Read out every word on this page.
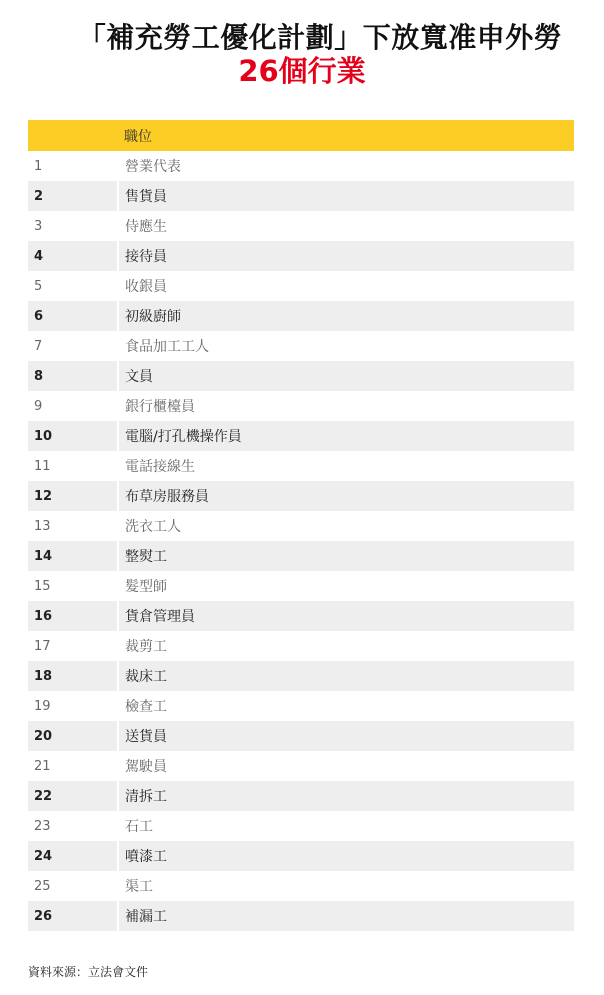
「補充勞工優化計劃」下放寬准申外勞
26個行業
	職位
1	營業代表
2	售貨員
3	侍應生
4	接待員
5	收銀員
6	初級廚師
7	食品加工工人
8	文員
9	銀行櫃檯員
10	電腦/打孔機操作員
11	電話接線生
12	布草房服務員
13	洗衣工人
14	整熨工
15	髮型師
16	貨倉管理員
17	裁剪工
18	裁床工
19	檢查工
20	送貨員
21	駕駛員
22	清拆工
23	石工
24	噴漆工
25	渠工
26	補漏工

資料來源：立法會文件
